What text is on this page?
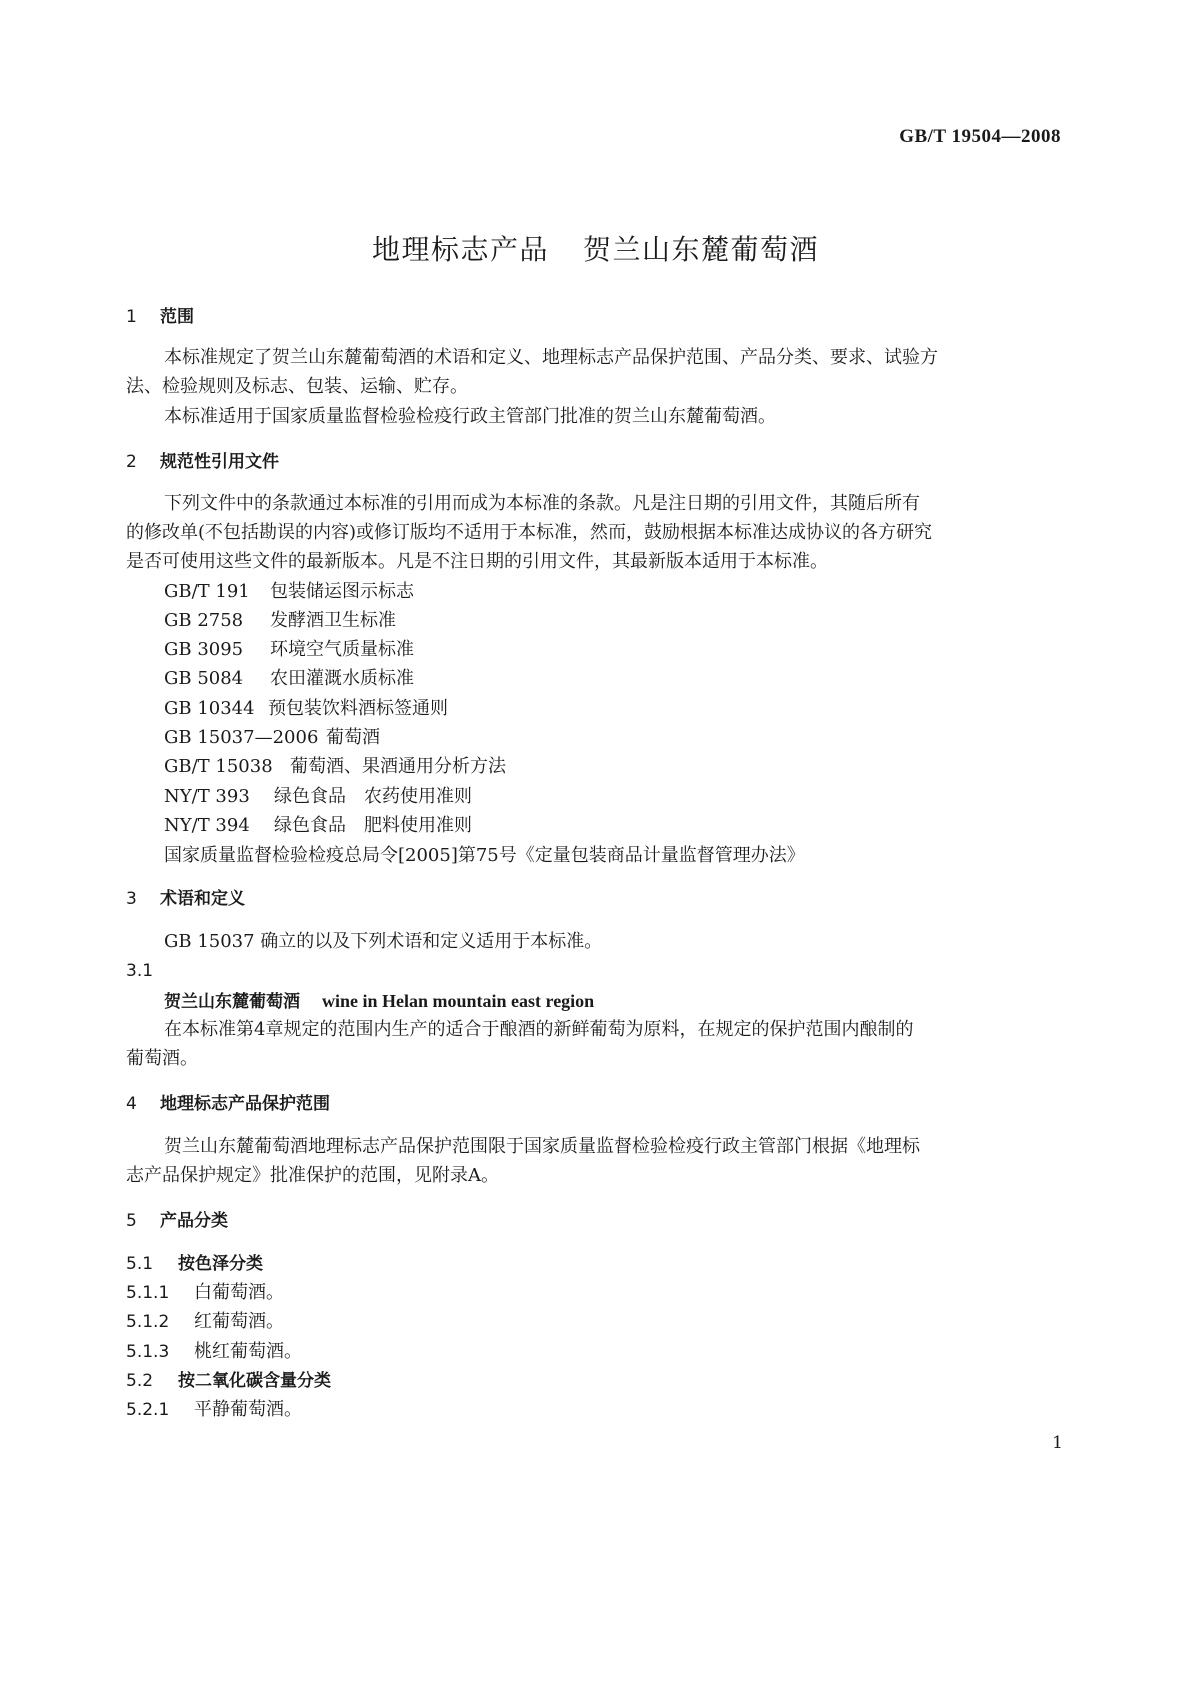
GB/T 19504—2008
地理标志产品 贺兰山东麓葡萄酒
1 范围
本标准规定了贺兰山东麓葡萄酒的术语和定义、地理标志产品保护范围、产品分类、要求、试验方
法、检验规则及标志、包装、运输、贮存。
本标准适用于国家质量监督检验检疫行政主管部门批准的贺兰山东麓葡萄酒。
2 规范性引用文件
下列文件中的条款通过本标准的引用而成为本标准的条款。凡是注日期的引用文件，其随后所有
的修改单(不包括勘误的内容)或修订版均不适用于本标准，然而，鼓励根据本标准达成协议的各方研究
是否可使用这些文件的最新版本。凡是不注日期的引用文件，其最新版本适用于本标准。
GB/T 191 包装储运图示标志
GB 2758 发酵酒卫生标准
GB 3095 环境空气质量标准
GB 5084 农田灌溉水质标准
GB 10344 预包装饮料酒标签通则
GB 15037—2006 葡萄酒
GB/T 15038 葡萄酒、果酒通用分析方法
NY/T 393 绿色食品　农药使用准则
NY/T 394 绿色食品　肥料使用准则
国家质量监督检验检疫总局令[2005]第75号《定量包装商品计量监督管理办法》
3 术语和定义
GB 15037 确立的以及下列术语和定义适用于本标准。
3.1
贺兰山东麓葡萄酒 wine in Helan mountain east region
在本标准第4章规定的范围内生产的适合于酿酒的新鲜葡萄为原料，在规定的保护范围内酿制的
葡萄酒。
4 地理标志产品保护范围
贺兰山东麓葡萄酒地理标志产品保护范围限于国家质量监督检验检疫行政主管部门根据《地理标
志产品保护规定》批准保护的范围，见附录A。
5 产品分类
5.1 按色泽分类
5.1.1 白葡萄酒。
5.1.2 红葡萄酒。
5.1.3 桃红葡萄酒。
5.2 按二氧化碳含量分类
5.2.1 平静葡萄酒。
1
